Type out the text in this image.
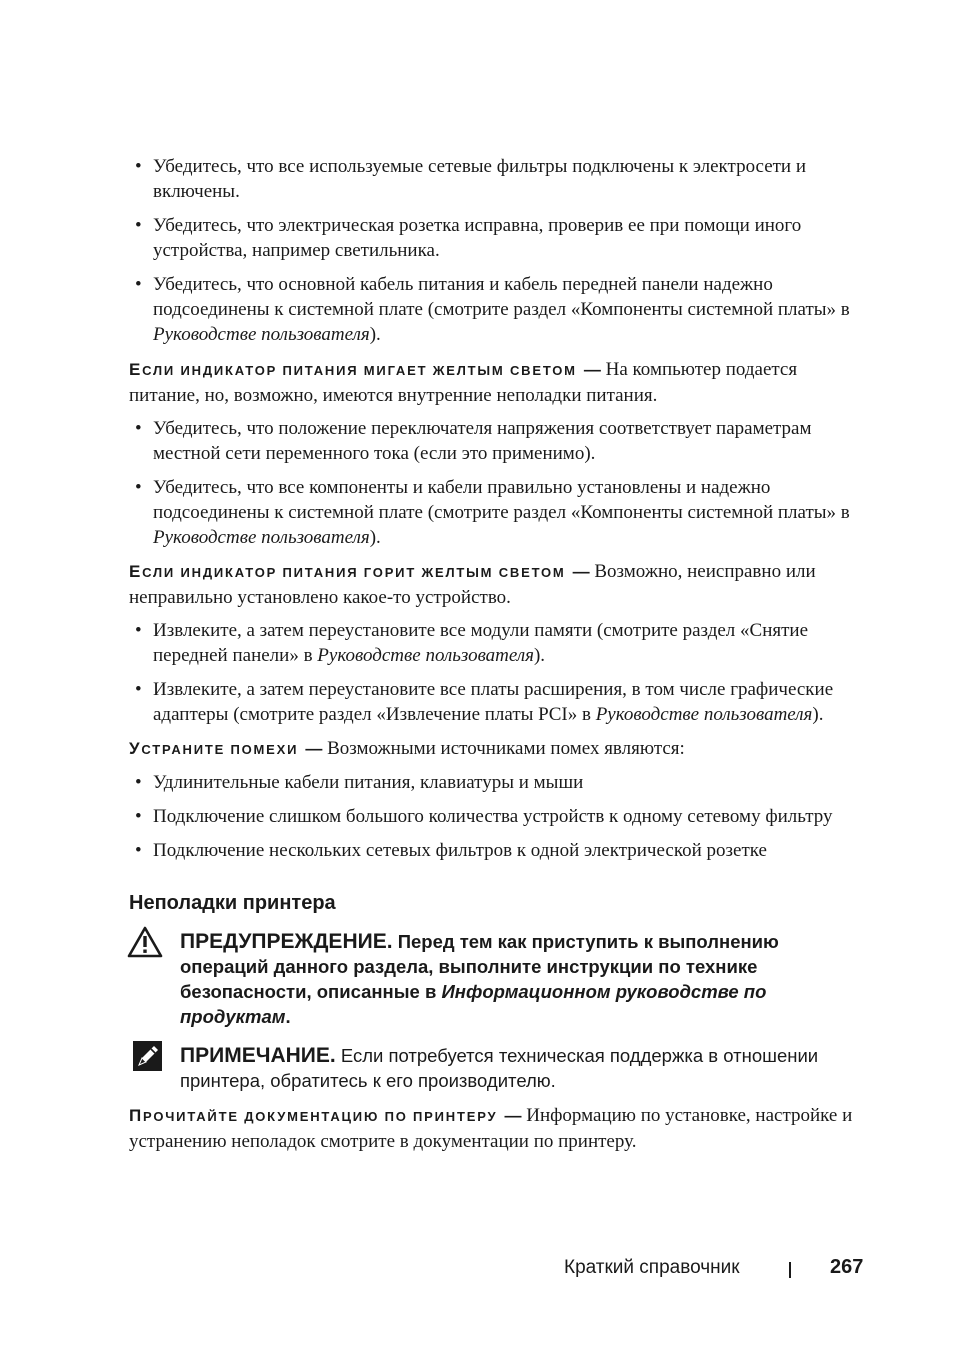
• Убедитесь, что все используемые сетевые фильтры подключены к электросети и включены.
• Убедитесь, что электрическая розетка исправна, проверив ее при помощи иного устройства, например светильника.
• Убедитесь, что основной кабель питания и кабель передней панели надежно подсоединены к системной плате (смотрите раздел «Компоненты системной платы» в Руководстве пользователя).
ЕСЛИ ИНДИКАТОР ПИТАНИЯ МИГАЕТ ЖЕЛТЫМ СВЕТОМ — На компьютер подается питание, но, возможно, имеются внутренние неполадки питания.
• Убедитесь, что положение переключателя напряжения соответствует параметрам местной сети переменного тока (если это применимо).
• Убедитесь, что все компоненты и кабели правильно установлены и надежно подсоединены к системной плате (смотрите раздел «Компоненты системной платы» в Руководстве пользователя).
ЕСЛИ ИНДИКАТОР ПИТАНИЯ ГОРИТ ЖЕЛТЫМ СВЕТОМ — Возможно, неисправно или неправильно установлено какое-то устройство.
• Извлеките, а затем переустановите все модули памяти (смотрите раздел «Снятие передней панели» в Руководстве пользователя).
• Извлеките, а затем переустановите все платы расширения, в том числе графические адаптеры (смотрите раздел «Извлечение платы PCI» в Руководстве пользователя).
УСТРАНИТЕ ПОМЕХИ — Возможными источниками помех являются:
• Удлинительные кабели питания, клавиатуры и мыши
• Подключение слишком большого количества устройств к одному сетевому фильтру
• Подключение нескольких сетевых фильтров к одной электрической розетке
Неполадки принтера
ПРЕДУПРЕЖДЕНИЕ. Перед тем как приступить к выполнению операций данного раздела, выполните инструкции по технике безопасности, описанные в Информационном руководстве по продуктам.
ПРИМЕЧАНИЕ. Если потребуется техническая поддержка в отношении принтера, обратитесь к его производителю.
ПРОЧИТАЙТЕ ДОКУМЕНТАЦИЮ ПО ПРИНТЕРУ — Информацию по установке, настройке и устранению неполадок смотрите в документации по принтеру.
Краткий справочник	267
